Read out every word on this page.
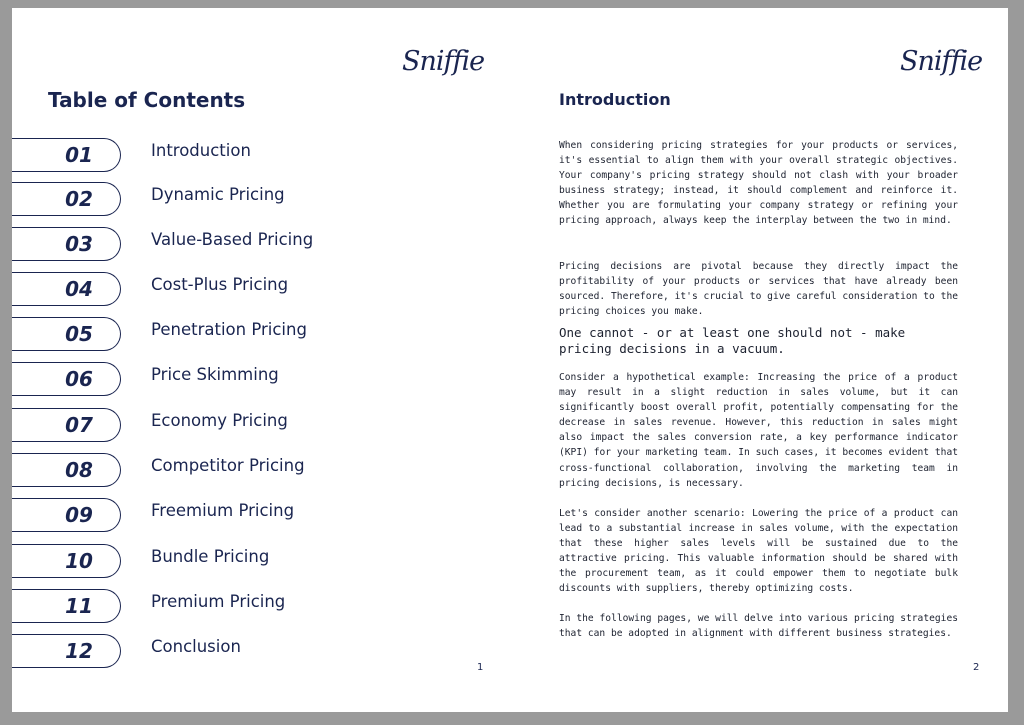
Sniffie	Sniffie
Table of Contents
01	Introduction
02	Dynamic Pricing
03	Value-Based Pricing
04	Cost-Plus Pricing
05	Penetration Pricing
06	Price Skimming
07	Economy Pricing
08	Competitor Pricing
09	Freemium Pricing
10	Bundle Pricing
11	Premium Pricing
12	Conclusion
1
Introduction

When considering pricing strategies for your products or services, it's essential to align them with your overall strategic objectives. Your company's pricing strategy should not clash with your broader business strategy; instead, it should complement and reinforce it. Whether you are formulating your company strategy or refining your pricing approach, always keep the interplay between the two in mind.

Pricing decisions are pivotal because they directly impact the profitability of your products or services that have already been sourced. Therefore, it's crucial to give careful consideration to the pricing choices you make.

One cannot - or at least one should not - make pricing decisions in a vacuum.

Consider a hypothetical example: Increasing the price of a product may result in a slight reduction in sales volume, but it can significantly boost overall profit, potentially compensating for the decrease in sales revenue. However, this reduction in sales might also impact the sales conversion rate, a key performance indicator (KPI) for your marketing team. In such cases, it becomes evident that cross-functional collaboration, involving the marketing team in pricing decisions, is necessary.

Let's consider another scenario: Lowering the price of a product can lead to a substantial increase in sales volume, with the expectation that these higher sales levels will be sustained due to the attractive pricing. This valuable information should be shared with the procurement team, as it could empower them to negotiate bulk discounts with suppliers, thereby optimizing costs.

In the following pages, we will delve into various pricing strategies that can be adopted in alignment with different business strategies.

2
